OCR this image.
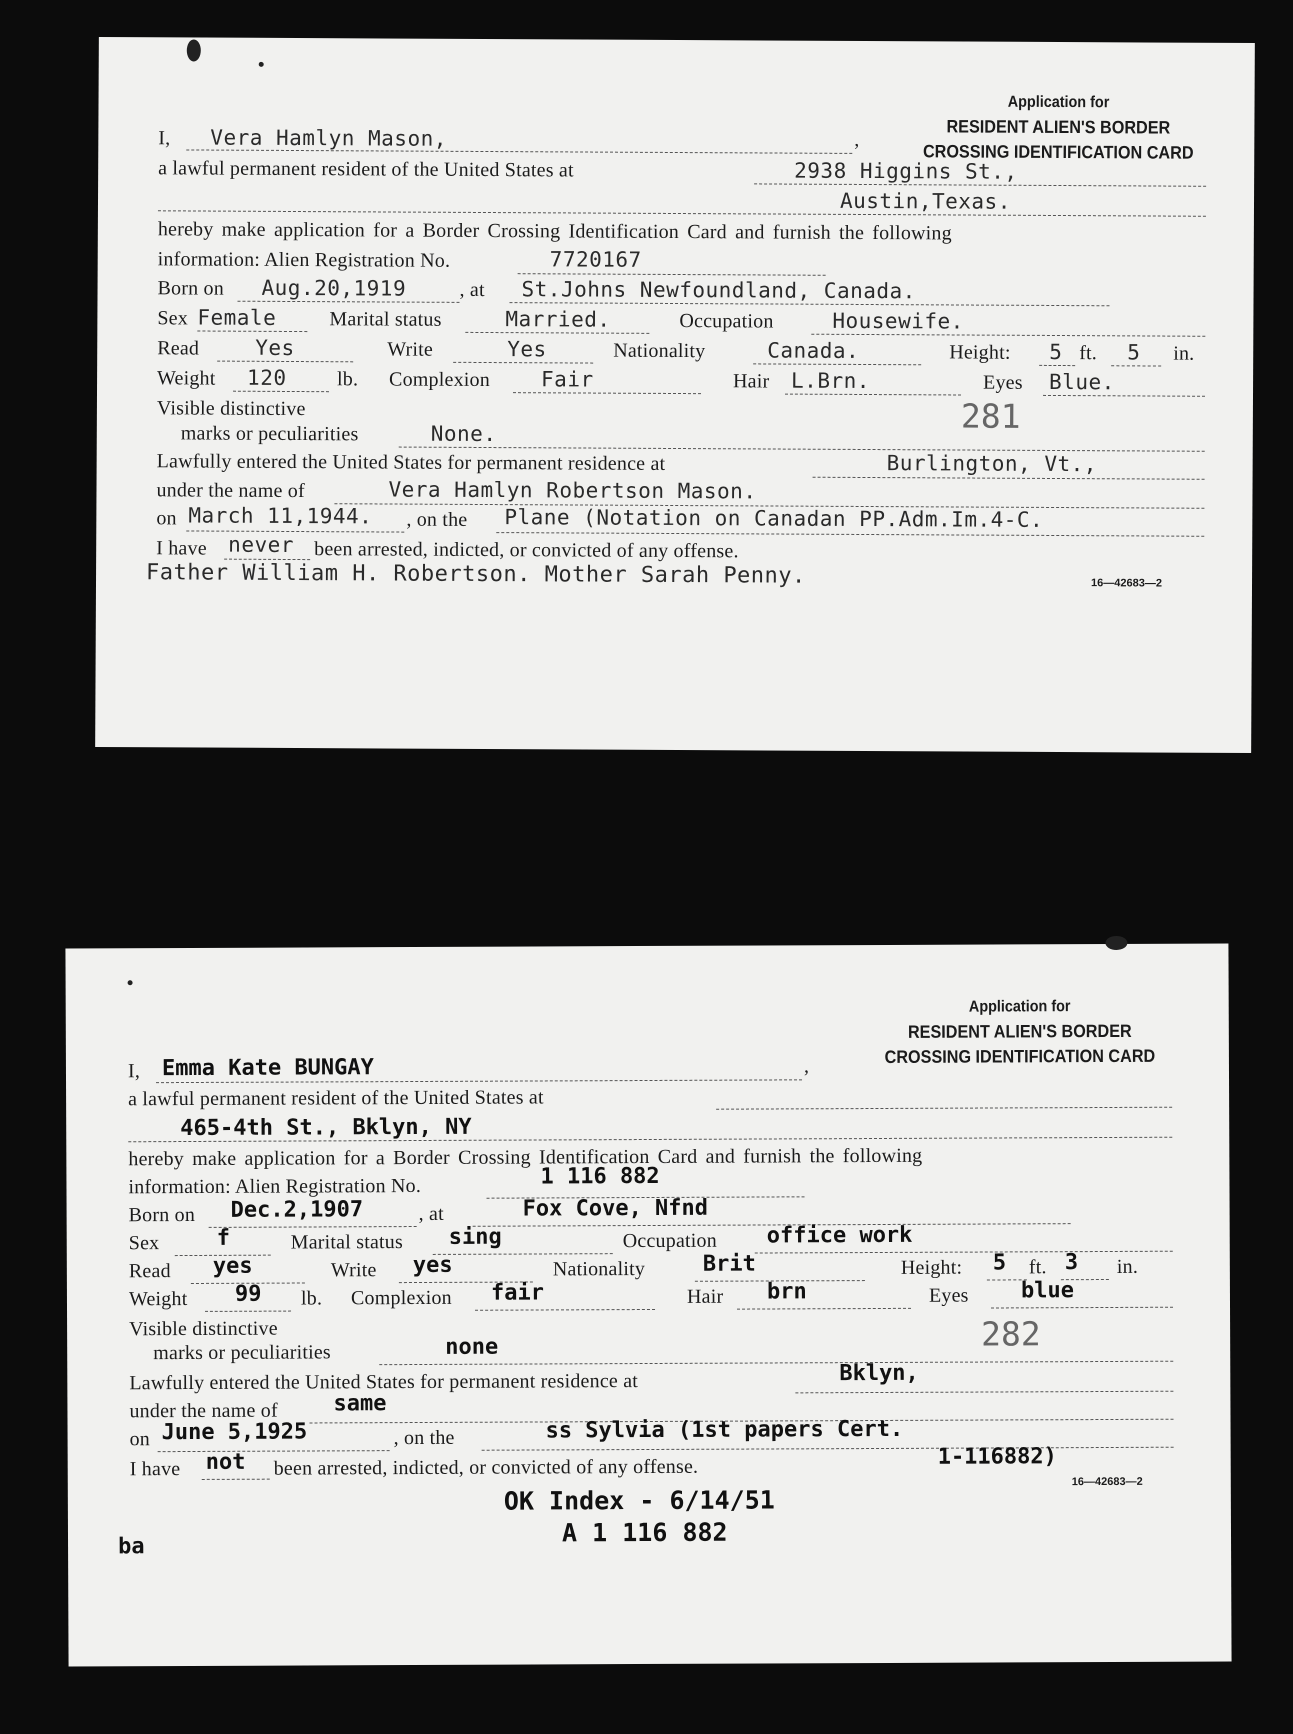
Application for
RESIDENT ALIEN'S BORDER
CROSSING IDENTIFICATION CARD
I, Vera Hamlyn Mason,	,
a lawful permanent resident of the United States at	2938 Higgins St.,
Austin,Texas.
hereby make application for a Border Crossing Identification Card and furnish the following
information: Alien Registration No.	7720167
Born on Aug.20,1919	, at St.Johns Newfoundland, Canada.
Sex Female	Marital status	Married.	Occupation	Housewife.
Read	Yes	Write	Yes	Nationality	Canada.	Height: 5 ft. 5 in.
Weight 120	lb. Complexion Fair	Hair L.Brn.	Eyes Blue.
Visible distinctive
marks or peculiarities	None.	281
Lawfully entered the United States for permanent residence at	Burlington, Vt.,
under the name of	Vera Hamlyn Robertson Mason.
on March 11,1944. , on the Plane (Notation on Canadan PP.Adm.Im.4-C.
I have never been arrested, indicted, or convicted of any offense.
Father William H. Robertson. Mother Sarah Penny.	16—42683—2
Application for
RESIDENT ALIEN'S BORDER
CROSSING IDENTIFICATION CARD
I, Emma Kate BUNGAY	,
a lawful permanent resident of the United States at
465-4th St., Bklyn, NY
hereby make application for a Border Crossing Identification Card and furnish the following
information: Alien Registration No.	1 116 882
Born on Dec.2,1907	, at	Fox Cove, Nfnd
Sex	f	Marital status sing	Occupation office work
Read yes	Write yes	Nationality	Brit	Height: 5 ft. 3 in.
Weight 99 lb. Complexion fair	Hair brn	Eyes blue
Visible distinctive
marks or peculiarities	none	282
Lawfully entered the United States for permanent residence at	Bklyn,
under the name of	same
on June 5,1925	, on the	ss Sylvia (1st papers Cert.
1-116882)
I have not been arrested, indicted, or convicted of any offense.
16—42683—2
OK Index - 6/14/51
A 1 116 882
ba
